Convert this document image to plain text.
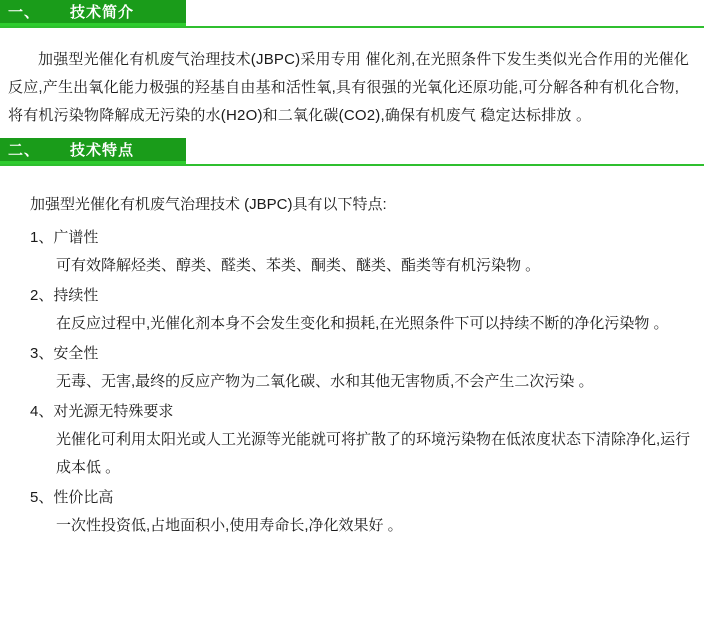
一、	技术简介

加强型光催化有机废气治理技术(JBPC)采用专用 催化剂,在光照条件下发生类似光合作用的光催化反应,产生出氧化能力极强的羟基自由基和活性氧,具有很强的光氧化还原功能,可分解各种有机化合物,将有机污染物降解成无污染的水(H2O)和二氧化碳(CO2),确保有机废气 稳定达标排放 。

二、	技术特点

加强型光催化有机废气治理技术 (JBPC)具有以下特点:

1、广谱性
可有效降解烃类、醇类、醛类、苯类、酮类、醚类、酯类等有机污染物 。
2、持续性
在反应过程中,光催化剂本身不会发生变化和损耗,在光照条件下可以持续不断的净化污染物 。
3、安全性
无毒、无害,最终的反应产物为二氧化碳、水和其他无害物质,不会产生二次污染 。
4、对光源无特殊要求
光催化可利用太阳光或人工光源等光能就可将扩散了的环境污染物在低浓度状态下清除净化,运行成本低 。
5、性价比高
一次性投资低,占地面积小,使用寿命长,净化效果好 。
